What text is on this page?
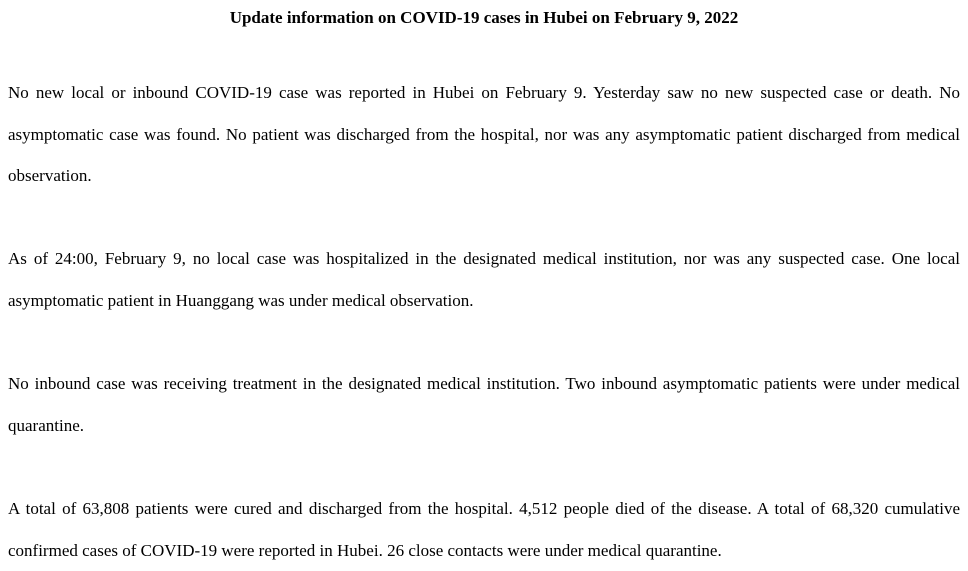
Update information on COVID-19 cases in Hubei on February 9, 2022

No new local or inbound COVID-19 case was reported in Hubei on February 9. Yesterday saw no new suspected case or death. No asymptomatic case was found. No patient was discharged from the hospital, nor was any asymptomatic patient discharged from medical observation.

As of 24:00, February 9, no local case was hospitalized in the designated medical institution, nor was any suspected case. One local asymptomatic patient in Huanggang was under medical observation.

No inbound case was receiving treatment in the designated medical institution. Two inbound asymptomatic patients were under medical quarantine.

A total of 63,808 patients were cured and discharged from the hospital. 4,512 people died of the disease. A total of 68,320 cumulative confirmed cases of COVID-19 were reported in Hubei. 26 close contacts were under medical quarantine.
